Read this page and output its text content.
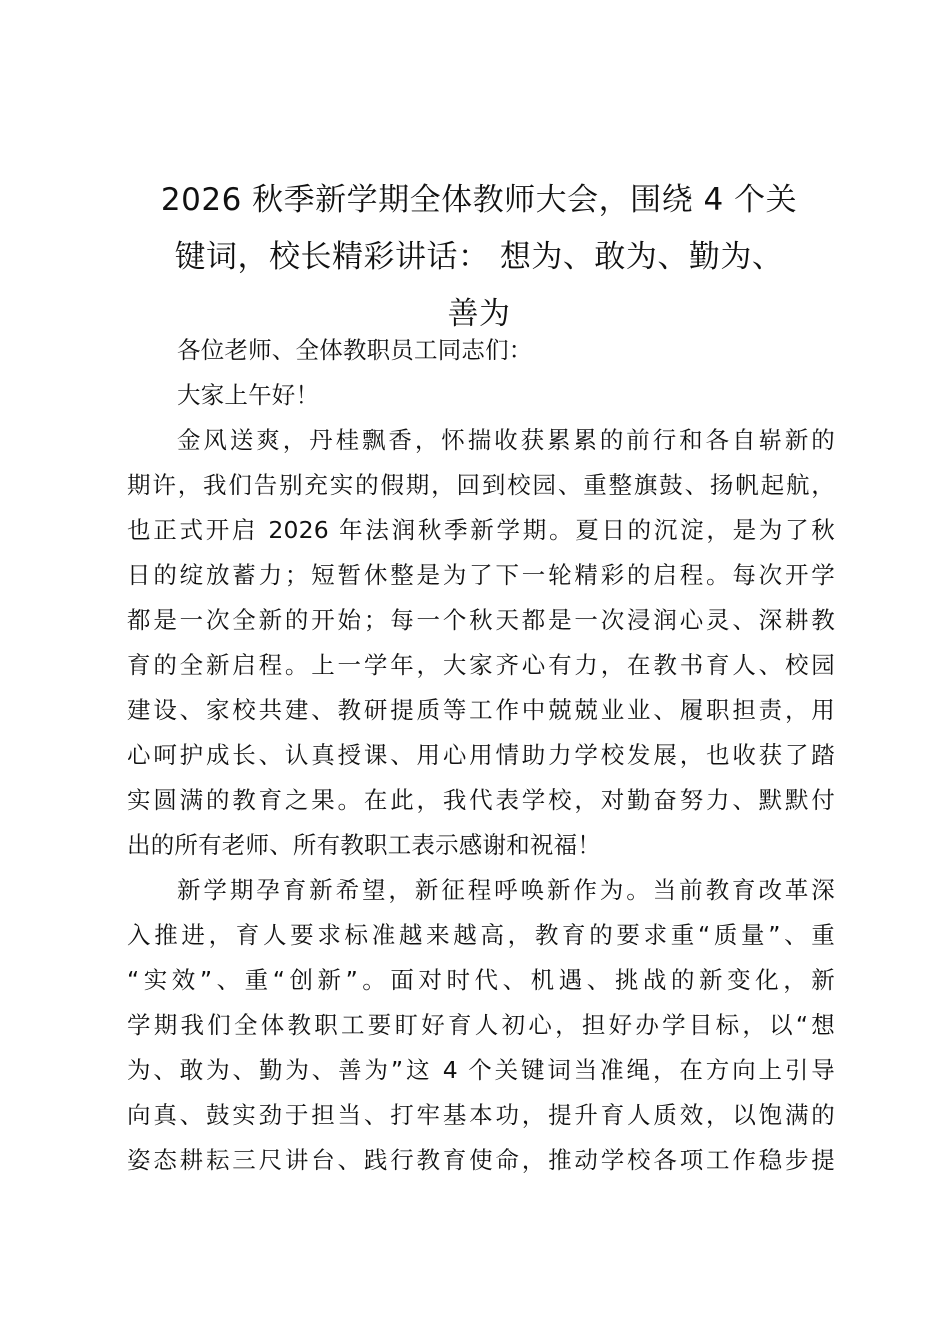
2026 秋季新学期全体教师大会，围绕 4 个关
键词，校长精彩讲话： 想为、敢为、勤为、
善为
各位老师、全体教职员工同志们：
大家上午好！
金风送爽，丹桂飘香，怀揣收获累累的前行和各自崭新的
期许，我们告别充实的假期，回到校园、重整旗鼓、扬帆起航，
也正式开启 2026 年法润秋季新学期。夏日的沉淀，是为了秋
日的绽放蓄力；短暂休整是为了下一轮精彩的启程。每次开学
都是一次全新的开始；每一个秋天都是一次浸润心灵、深耕教
育的全新启程。上一学年，大家齐心有力，在教书育人、校园
建设、家校共建、教研提质等工作中兢兢业业、履职担责，用
心呵护成长、认真授课、用心用情助力学校发展，也收获了踏
实圆满的教育之果。在此，我代表学校，对勤奋努力、默默付
出的所有老师、所有教职工表示感谢和祝福！
新学期孕育新希望，新征程呼唤新作为。当前教育改革深
入推进，育人要求标准越来越高，教育的要求重“质量”、重
“实效”、重“创新”。面对时代、机遇、挑战的新变化，新
学期我们全体教职工要盯好育人初心，担好办学目标，以“想
为、敢为、勤为、善为”这 4 个关键词当准绳，在方向上引导
向真、鼓实劲于担当、打牢基本功，提升育人质效，以饱满的
姿态耕耘三尺讲台、践行教育使命，推动学校各项工作稳步提
